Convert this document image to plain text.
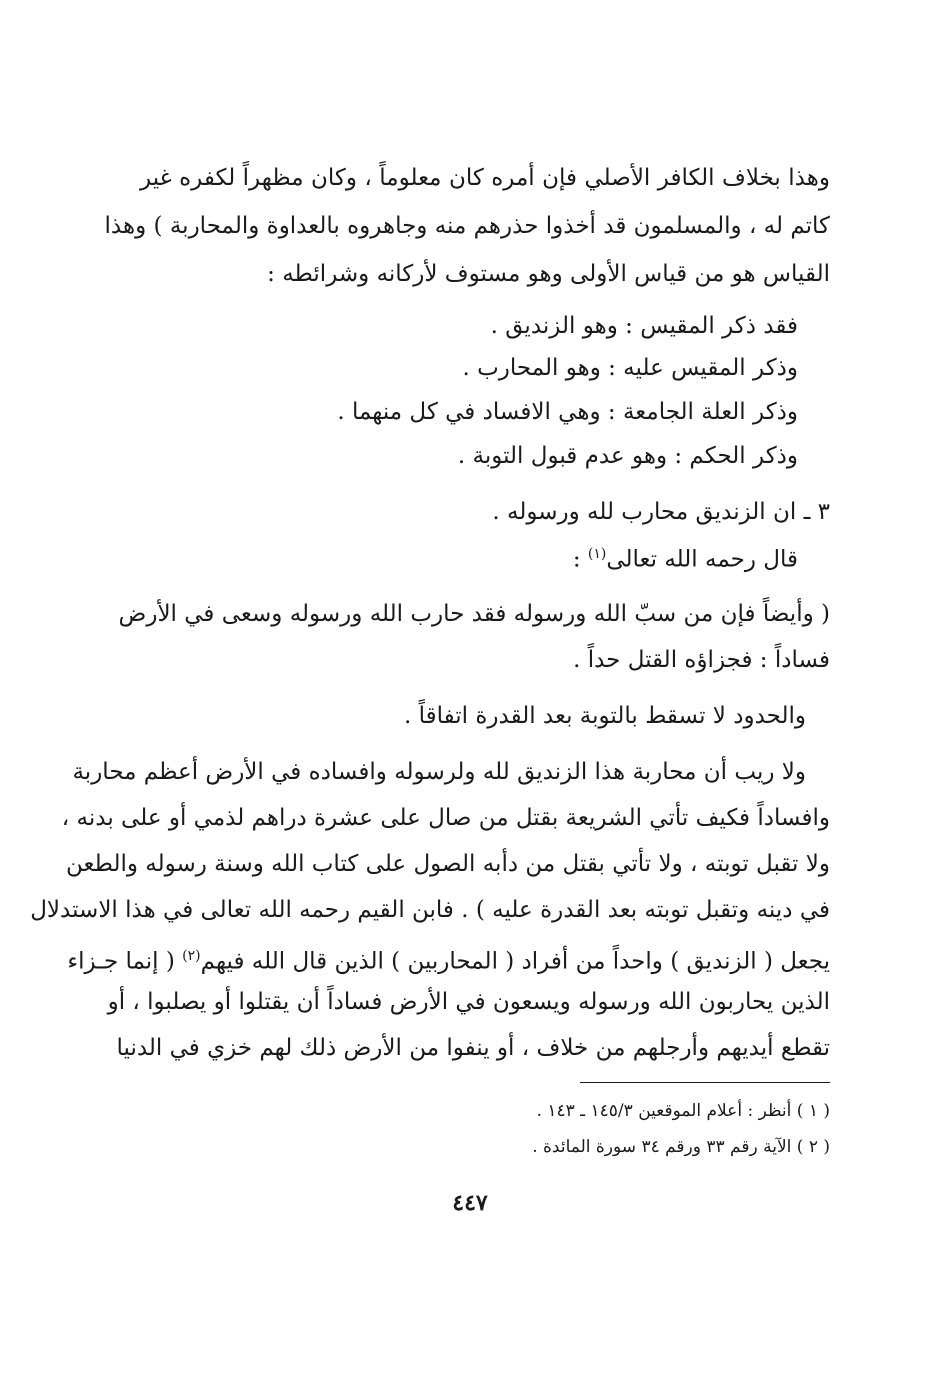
وهذا بخلاف الكافر الأصلي فإن أمره كان معلوماً ، وكان مظهراً لكفره غير
كاتم له ، والمسلمون قد أخذوا حذرهم منه وجاهروه بالعداوة والمحاربة ) وهذا
القياس هو من قياس الأولى وهو مستوف لأركانه وشرائطه :
فقد ذكر المقيس : وهو الزنديق .
وذكر المقيس عليه : وهو المحارب .
وذكر العلة الجامعة : وهي الافساد في كل منهما .
وذكر الحكم : وهو عدم قبول التوبة .
٣ ـ ان الزنديق محارب لله ورسوله .
قال رحمه الله تعالى$^{(١)}$ :
( وأيضاً فإن من سبّ الله ورسوله فقد حارب الله ورسوله وسعى في الأرض
فساداً : فجزاؤه القتل حداً .
والحدود لا تسقط بالتوبة بعد القدرة اتفاقاً .
ولا ريب أن محاربة هذا الزنديق لله ولرسوله وافساده في الأرض أعظم محاربة
وافساداً فكيف تأتي الشريعة بقتل من صال على عشرة دراهم لذمي أو على بدنه ،
ولا تقبل توبته ، ولا تأتي بقتل من دأبه الصول على كتاب الله وسنة رسوله والطعن
في دينه وتقبل توبته بعد القدرة عليه ) . فابن القيم رحمه الله تعالى في هذا الاستدلال
يجعل ( الزنديق ) واحداً من أفراد ( المحاربين ) الذين قال الله فيهم$^{(٢)}$ ( إنما جـزاء
الذين يحاربون الله ورسوله ويسعون في الأرض فساداً أن يقتلوا أو يصلبوا ، أو
تقطع أيديهم وأرجلهم من خلاف ، أو ينفوا من الأرض ذلك لهم خزي في الدنيا
( ١ ) أنظر : أعلام الموقعين ١٤٥/٣ ـ ١٤٣ .
( ٢ ) الآية رقم ٣٣ ورقم ٣٤ سورة المائدة .
٤٤٧
